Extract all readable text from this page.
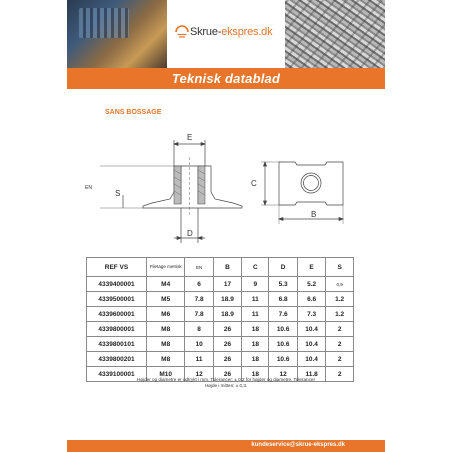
Skrue-ekspres.dk
Teknisk datablad
SANS BOSSAGE
E
EN
S
D
C
B
REF VS	Filetage metrisk	EN	B	C	D	E	S
4339400001	M4	6	17	9	5.3	5.2	0,9
4339500001	M5	7.8	18.9	11	6.8	6.6	1.2
4339600001	M6	7.8	18.9	11	7.6	7.3	1.2
4339800001	M8	8	26	18	10.6	10.4	2
4339800101	M8	10	26	18	10.6	10.4	2
4339800201	M8	11	26	18	10.6	10.4	2
4339100001	M10	12	26	18	12	11.8	2
Højder og diametre er udtrykt i mm. Tolerancer: ± 0,2 for højder og diametre. Tolerancer
Højde i mitten: ± 0,3.
kundeservice@skrue-ekspres.dk
